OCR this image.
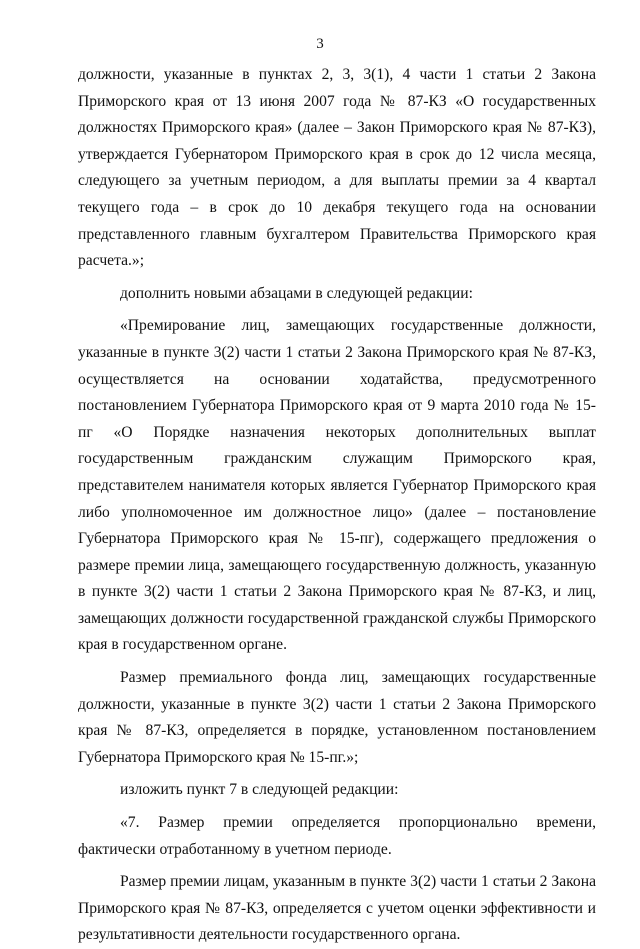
3

должности, указанные в пунктах 2, 3, 3(1), 4 части 1 статьи 2 Закона Приморского края от 13 июня 2007 года № 87-КЗ «О государственных должностях Приморского края» (далее – Закон Приморского края № 87-КЗ), утверждается Губернатором Приморского края в срок до 12 числа месяца, следующего за учетным периодом, а для выплаты премии за 4 квартал текущего года – в срок до 10 декабря текущего года на основании представленного главным бухгалтером Правительства Приморского края расчета.»;

дополнить новыми абзацами в следующей редакции:

«Премирование лиц, замещающих государственные должности, указанные в пункте 3(2) части 1 статьи 2 Закона Приморского края № 87-КЗ, осуществляется на основании ходатайства, предусмотренного постановлением Губернатора Приморского края от 9 марта 2010 года № 15-пг «О Порядке назначения некоторых дополнительных выплат государственным гражданским служащим Приморского края, представителем нанимателя которых является Губернатор Приморского края либо уполномоченное им должностное лицо» (далее – постановление Губернатора Приморского края № 15-пг), содержащего предложения о размере премии лица, замещающего государственную должность, указанную в пункте 3(2) части 1 статьи 2 Закона Приморского края № 87-КЗ, и лиц, замещающих должности государственной гражданской службы Приморского края в государственном органе.

Размер премиального фонда лиц, замещающих государственные должности, указанные в пункте 3(2) части 1 статьи 2 Закона Приморского края № 87-КЗ, определяется в порядке, установленном постановлением Губернатора Приморского края № 15-пг.»;

изложить пункт 7 в следующей редакции:

«7. Размер премии определяется пропорционально времени, фактически отработанному в учетном периоде.

Размер премии лицам, указанным в пункте 3(2) части 1 статьи 2 Закона Приморского края № 87-КЗ, определяется с учетом оценки эффективности и результативности деятельности государственного органа.
